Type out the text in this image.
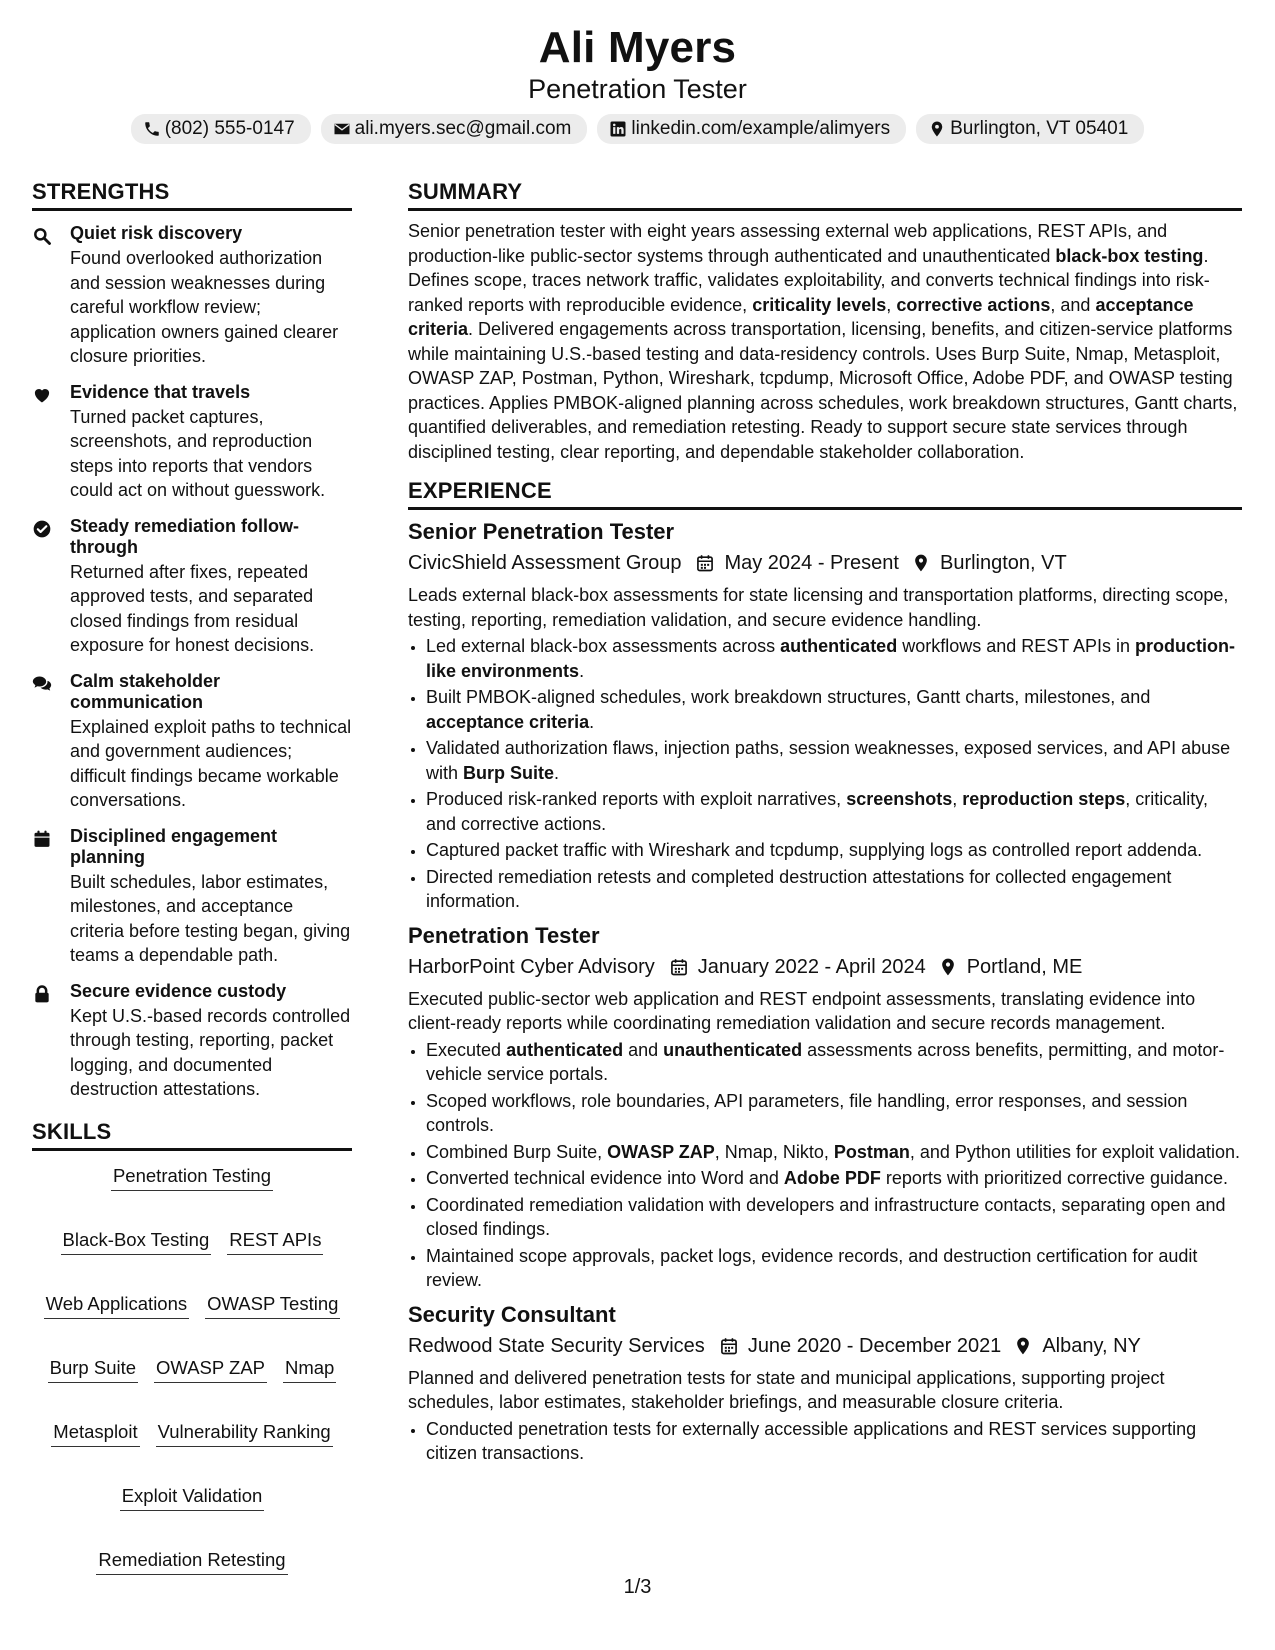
Ali Myers
Penetration Tester
(802) 555-0147	ali.myers.sec@gmail.com	linkedin.com/example/alimyers	Burlington, VT 05401
STRENGTHS
Quiet risk discovery
Found overlooked authorization and session weaknesses during careful workflow review; application owners gained clearer closure priorities.
Evidence that travels
Turned packet captures, screenshots, and reproduction steps into reports that vendors could act on without guesswork.
Steady remediation follow-through
Returned after fixes, repeated approved tests, and separated closed findings from residual exposure for honest decisions.
Calm stakeholder communication
Explained exploit paths to technical and government audiences; difficult findings became workable conversations.
Disciplined engagement planning
Built schedules, labor estimates, milestones, and acceptance criteria before testing began, giving teams a dependable path.
Secure evidence custody
Kept U.S.-based records controlled through testing, reporting, packet logging, and documented destruction attestations.
SKILLS
Penetration Testing
Black-Box Testing REST APIs
Web Applications OWASP Testing
Burp Suite OWASP ZAP Nmap
Metasploit Vulnerability Ranking
Exploit Validation
Remediation Retesting
SUMMARY

Senior penetration tester with eight years assessing external web applications, REST APIs, and production-like public-sector systems through authenticated and unauthenticated black-box testing. Defines scope, traces network traffic, validates exploitability, and converts technical findings into risk-ranked reports with reproducible evidence, criticality levels, corrective actions, and acceptance criteria. Delivered engagements across transportation, licensing, benefits, and citizen-service platforms while maintaining U.S.-based testing and data-residency controls. Uses Burp Suite, Nmap, Metasploit, OWASP ZAP, Postman, Python, Wireshark, tcpdump, Microsoft Office, Adobe PDF, and OWASP testing practices. Applies PMBOK-aligned planning across schedules, work breakdown structures, Gantt charts, quantified deliverables, and remediation retesting. Ready to support secure state services through disciplined testing, clear reporting, and dependable stakeholder collaboration.

EXPERIENCE
Senior Penetration Tester
CivicShield Assessment Group May 2024 - Present Burlington, VT
Leads external black-box assessments for state licensing and transportation platforms, directing scope, testing, reporting, remediation validation, and secure evidence handling.
• Led external black-box assessments across authenticated workflows and REST APIs in production-like environments.
• Built PMBOK-aligned schedules, work breakdown structures, Gantt charts, milestones, and acceptance criteria.
• Validated authorization flaws, injection paths, session weaknesses, exposed services, and API abuse with Burp Suite.
• Produced risk-ranked reports with exploit narratives, screenshots, reproduction steps, criticality, and corrective actions.
• Captured packet traffic with Wireshark and tcpdump, supplying logs as controlled report addenda.
• Directed remediation retests and completed destruction attestations for collected engagement information.
Penetration Tester
HarborPoint Cyber Advisory January 2022 - April 2024 Portland, ME
Executed public-sector web application and REST endpoint assessments, translating evidence into client-ready reports while coordinating remediation validation and secure records management.
• Executed authenticated and unauthenticated assessments across benefits, permitting, and motor-vehicle service portals.
• Scoped workflows, role boundaries, API parameters, file handling, error responses, and session controls.
• Combined Burp Suite, OWASP ZAP, Nmap, Nikto, Postman, and Python utilities for exploit validation.
• Converted technical evidence into Word and Adobe PDF reports with prioritized corrective guidance.
• Coordinated remediation validation with developers and infrastructure contacts, separating open and closed findings.
• Maintained scope approvals, packet logs, evidence records, and destruction certification for audit review.
Security Consultant
Redwood State Security Services June 2020 - December 2021 Albany, NY
Planned and delivered penetration tests for state and municipal applications, supporting project schedules, labor estimates, stakeholder briefings, and measurable closure criteria.
• Conducted penetration tests for externally accessible applications and REST services supporting citizen transactions.
1/3
